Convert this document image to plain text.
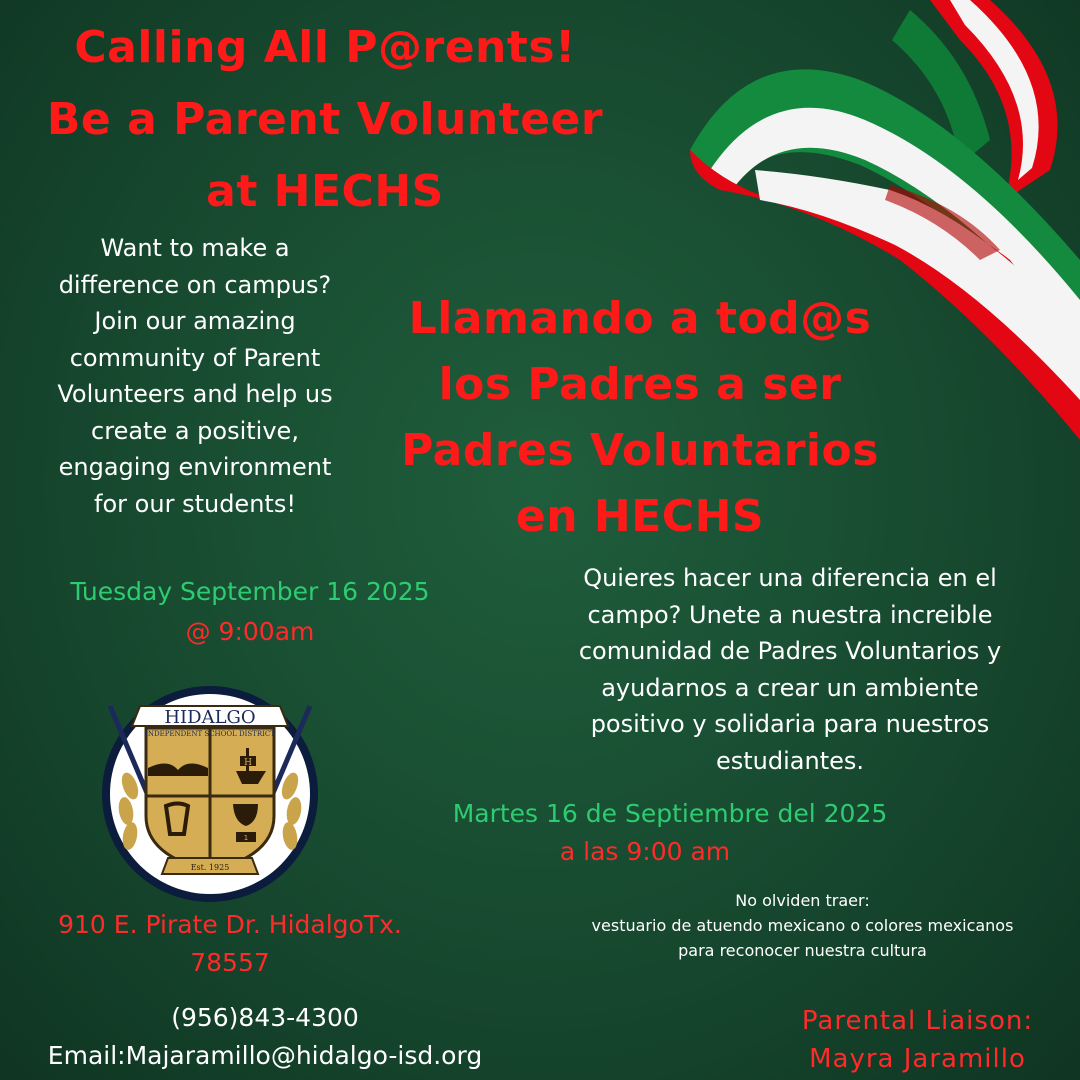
Calling All P@rents!
Be a Parent Volunteer
at HECHS
Want to make a
difference on campus?
Join our amazing
community of Parent
Volunteers and help us
create a positive,
engaging environment
for our students!
Llamando a tod@s
los Padres a ser
Padres Voluntarios
en HECHS
Tuesday September 16 2025
@ 9:00am
Quieres hacer una diferencia en el
campo? Unete a nuestra increible
comunidad de Padres Voluntarios y
ayudarnos a crear un ambiente
positivo y solidaria para nuestros
estudiantes.
H
1
HIDALGO
INDEPENDENT SCHOOL DISTRICT
Est. 1925
Martes 16 de Septiembre del 2025
a las 9:00 am
No olviden traer:
vestuario de atuendo mexicano o colores mexicanos
para reconocer nuestra cultura
910 E. Pirate Dr. HidalgoTx.
78557
(956)843-4300
Email:Majaramillo@hidalgo-isd.org
Parental Liaison:
Mayra Jaramillo
